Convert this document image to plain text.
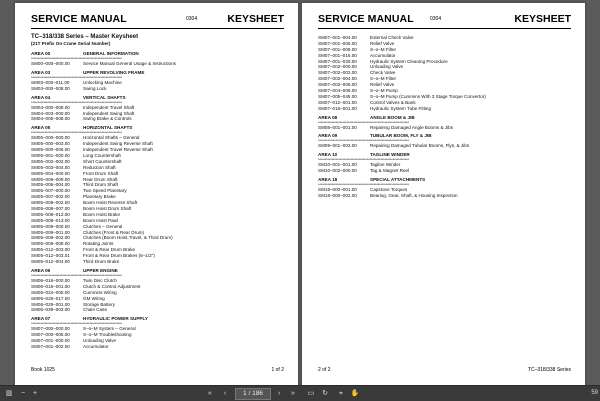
SERVICE MANUAL	0304	KEYSHEET
TC–318/338 Series – Master Keysheet
(21T Prefix On Crane Serial Number)
AREA 00	GENERAL INFORMATION
*******************************************************************
SM00–000–000.00	Service Manual General Usage & Instructions
AREA 03	UPPER REVOLVING FRAME
*******************************************************************
SM03–000–011.00	Unlocking Machine
SM03–000–008.00	Swing Lock
AREA 04	VERTICAL SHAFTS
*******************************************************************
SM04–000–008.00	Independent Travel Shaft
SM04–003–000.00	Independent Swing Shaft
SM04–005–008.00	Swing Brake & Controls
AREA 05	HORIZONTAL SHAFTS
*******************************************************************
SM05–000–000.00	Horizontal Shafts – General
SM05–000–003.00	Independent Swing Reverse Shaft
SM05–000–006.00	Independent Travel Reverse Shaft
SM05–001–000.00	Long Countershaft
SM05–002–002.00	Short Countershaft
SM05–003–004.00	Reduction Shaft
SM05–004–000.00	Front Drum Shaft
SM05–005–009.00	Rear Drum Shaft
SM05–006–004.00	Third Drum Shaft
SM05–007–000.00	Two Speed Planetary
SM05–007–002.00	Planetary Brake
SM05–008–002.00	Boom Hoist Reverse Shaft
SM05–008–007.00	Boom Hoist Drum Shaft
SM05–008–012.00	Boom Hoist Brake
SM05–008–013.00	Boom Hoist Pawl
SM05–009–000.00	Clutches – General
SM05–009–001.00	Clutches (Front & Rear Drum)
SM05–009–002.00	Clutches (Boom Hoist,Travel, & Third Drum)
SM05–009–008.00	Rotating Joints
SM05–012–003.00	Front & Rear Drum Brake
SM05–012–003.01	Front & Rear Drum Brakes (6–1/2")
SM05–012–004.00	Third Drum Brake
AREA 06	UPPER ENGINE
*******************************************************************
SM06–016–000.00	Twin Disc Clutch
SM06–016–001.00	Clutch & Control Adjustment
SM06–024–005.00	Cummins Wiring
SM06–026–017.00	GM Wiring
SM06–029–001.00	Storage Battery
SM06–039–003.00	Chain Case
AREA 07	HYDRAULIC POWER SUPPLY
*******************************************************************
SM07–000–000.00	S–o–M System – General
SM07–000–005.00	S–o–M Troubleshooting
SM07–001–000.00	Unloading Valve
SM07–001–002.00	Accumulator
Book 1025	1 of 2
SERVICE MANUAL	0304	KEYSHEET
SM07–001–004.00	External Check Valve
SM07–001–006.00	Relief Valve
SM07–001–008.00	S–o–M Filter
SM07–001–016.00	Accumulator
SM07–001–030.00	Hydraulic System Cleaning Procedure
SM07–002–000.00	Unloading Valve
SM07–002–002.00	Check Valve
SM07–002–004.00	S–o–M Filter
SM07–002–006.00	Relief Valve
SM07–004–008.00	S–o–M Pump
SM07–005–045.00	S–o–M Pump (Cummins With 3 Stage Torque Convertor)
SM07–012–001.00	Control Valves & Bank
SM07–016–001.00	Hydraulic System Tube Fitting
AREA 08	ANGLE BOOM & JIB
*******************************************************************
SM08–001–001.00	Repairing Damaged Angle Booms & Jibs
AREA 09	TUBULAR BOOM, FLY & JIB
*******************************************************************
SM09–001–002.00	Repairing Damaged Tubular Booms, Flys, & Jibs
AREA 10	TAGLINE WINDER
*******************************************************************
SM10–001–001.00	Tagline Winder
SM10–002–000.00	Tag & Magnet Reel
AREA 18	SPECIAL ATTACHMENTS
*******************************************************************
SM18–000–001.00	Capstone Torques
SM18–000–002.00	Bearing, Gear, Shaft, & Housing Inspection
2 of 2	TC–318/338 Series
▥	−	+	«	‹	1 / 186	›	»	▭ ↻	⌖	✋	59
